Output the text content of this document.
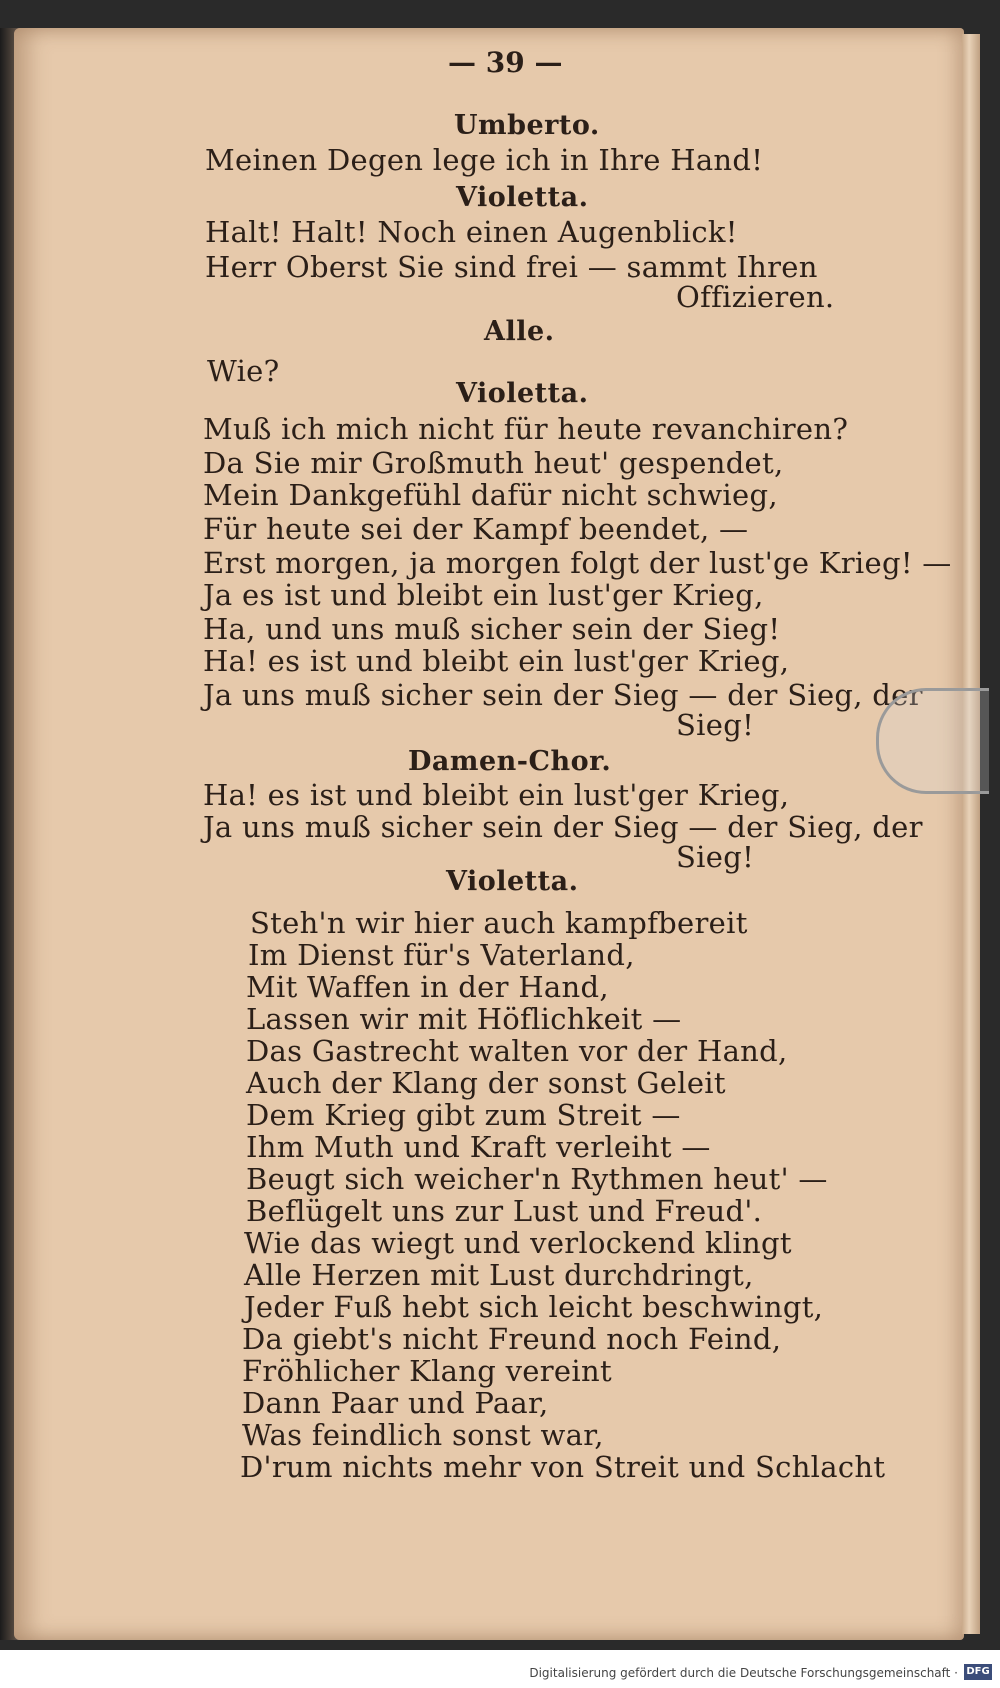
— 39 —
Umberto.
Meinen Degen lege ich in Ihre Hand!
Violetta.
Halt! Halt! Noch einen Augenblick!
Herr Oberst Sie sind frei — sammt Ihren
Offizieren.
Alle.
Wie?
Violetta.
Muß ich mich nicht für heute revanchiren?
Da Sie mir Großmuth heut' gespendet,
Mein Dankgefühl dafür nicht schwieg,
Für heute sei der Kampf beendet, —
Erst morgen, ja morgen folgt der lust'ge Krieg! —
Ja es ist und bleibt ein lust'ger Krieg,
Ha, und uns muß sicher sein der Sieg!
Ha! es ist und bleibt ein lust'ger Krieg,
Ja uns muß sicher sein der Sieg — der Sieg, der
Sieg!
Damen-Chor.
Ha! es ist und bleibt ein lust'ger Krieg,
Ja uns muß sicher sein der Sieg — der Sieg, der
Sieg!
Violetta.
Steh'n wir hier auch kampfbereit
Im Dienst für's Vaterland,
Mit Waffen in der Hand,
Lassen wir mit Höflichkeit —
Das Gastrecht walten vor der Hand,
Auch der Klang der sonst Geleit
Dem Krieg gibt zum Streit —
Ihm Muth und Kraft verleiht —
Beugt sich weicher'n Rythmen heut' —
Beflügelt uns zur Lust und Freud'.
Wie das wiegt und verlockend klingt
Alle Herzen mit Lust durchdringt,
Jeder Fuß hebt sich leicht beschwingt,
Da giebt's nicht Freund noch Feind,
Fröhlicher Klang vereint
Dann Paar und Paar,
Was feindlich sonst war,
D'rum nichts mehr von Streit und Schlacht
Digitalisierung gefördert durch die Deutsche Forschungsgemeinschaft · DFG
